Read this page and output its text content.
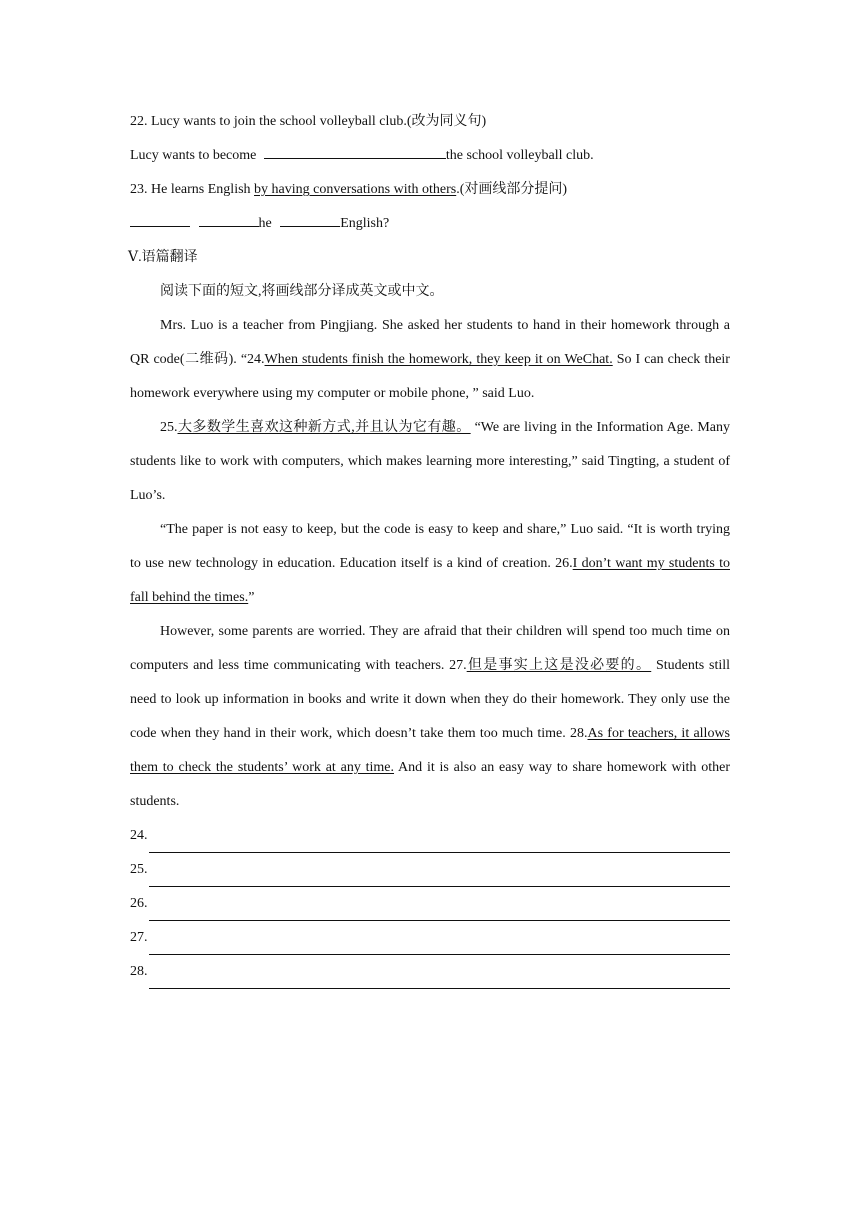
22. Lucy wants to join the school volleyball club.(改为同义句)
Lucy wants to become	the school volleyball club.
23. He learns English by having conversations with others.(对画线部分提问)
he	English?
Ⅴ.语篇翻译
阅读下面的短文,将画线部分译成英文或中文。
Mrs. Luo is a teacher from Pingjiang. She asked her students to hand in their homework through a QR code(二维码). “24.When students finish the homework, they keep it on WeChat. So I can check their homework everywhere using my computer or mobile phone, ” said Luo.
25.大多数学生喜欢这种新方式,并且认为它有趣。 “We are living in the Information Age. Many students like to work with computers, which makes learning more interesting,” said Tingting, a student of Luo’s.
“The paper is not easy to keep, but the code is easy to keep and share,” Luo said. “It is worth trying to use new technology in education. Education itself is a kind of creation. 26.I don’t want my students to fall behind the times.”
However, some parents are worried. They are afraid that their children will spend too much time on computers and less time communicating with teachers. 27.但是事实上这是没必要的。 Students still need to look up information in books and write it down when they do their homework. They only use the code when they hand in their work, which doesn’t take them too much time. 28.As for teachers, it allows them to check the students’ work at any time. And it is also an easy way to share homework with other students.
24.
25.
26.
27.
28.
